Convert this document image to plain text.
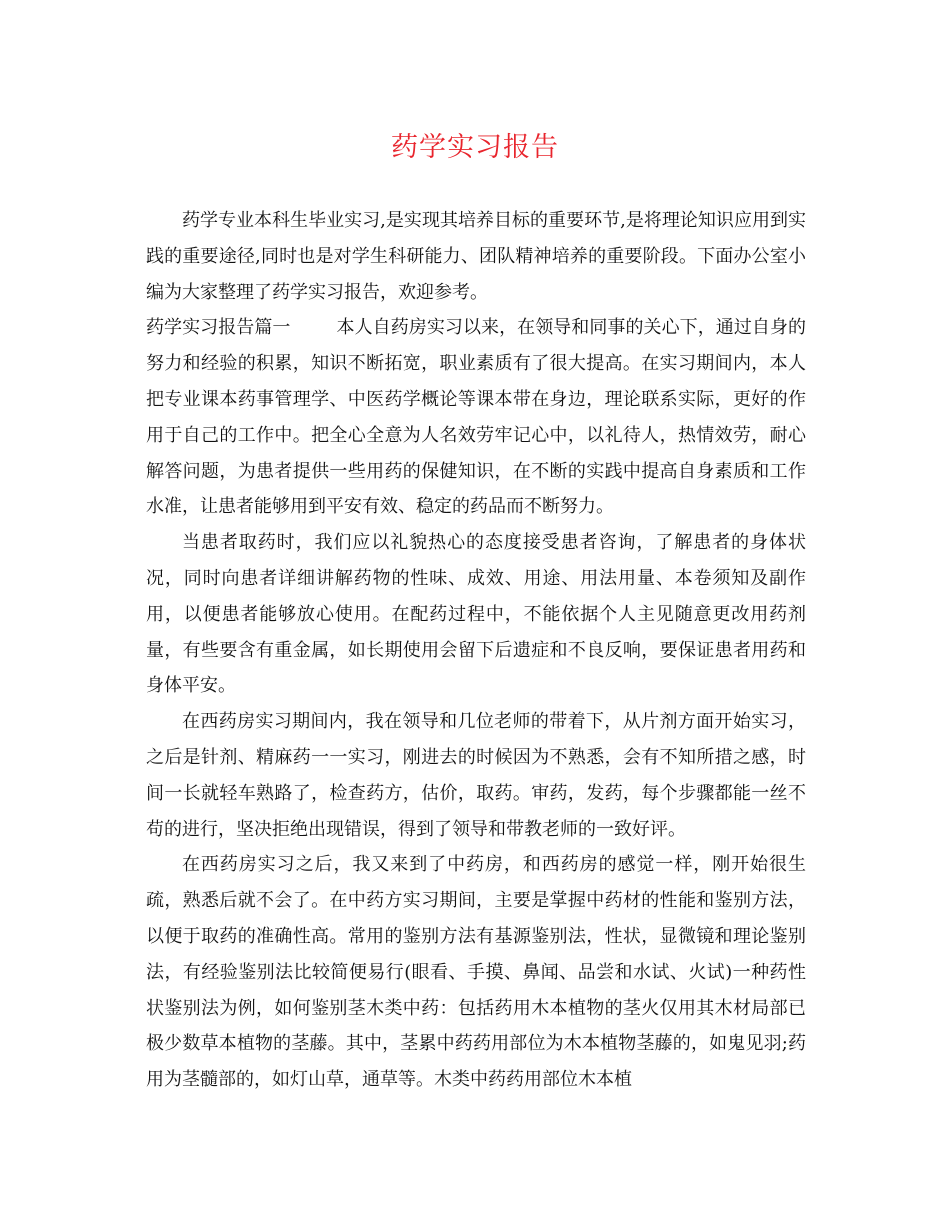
药学实习报告

药学专业本科生毕业实习,是实现其培养目标的重要环节,是将理论知识应用到实践的重要途径,同时也是对学生科研能力、团队精神培养的重要阶段。下面办公室小编为大家整理了药学实习报告，欢迎参考。

药学实习报告篇一	本人自药房实习以来，在领导和同事的关心下，通过自身的努力和经验的积累，知识不断拓宽，职业素质有了很大提高。在实习期间内，本人把专业课本药事管理学、中医药学概论等课本带在身边，理论联系实际，更好的作用于自己的工作中。把全心全意为人名效劳牢记心中，以礼待人，热情效劳，耐心解答问题，为患者提供一些用药的保健知识，在不断的实践中提高自身素质和工作水准，让患者能够用到平安有效、稳定的药品而不断努力。

当患者取药时，我们应以礼貌热心的态度接受患者咨询，了解患者的身体状况，同时向患者详细讲解药物的性味、成效、用途、用法用量、本卷须知及副作用，以便患者能够放心使用。在配药过程中，不能依据个人主见随意更改用药剂量，有些要含有重金属，如长期使用会留下后遗症和不良反响，要保证患者用药和身体平安。

在西药房实习期间内，我在领导和几位老师的带着下，从片剂方面开始实习，之后是针剂、精麻药一一实习，刚进去的时候因为不熟悉，会有不知所措之感，时间一长就轻车熟路了，检查药方，估价，取药。审药，发药，每个步骤都能一丝不苟的进行，坚决拒绝出现错误，得到了领导和带教老师的一致好评。

在西药房实习之后，我又来到了中药房，和西药房的感觉一样，刚开始很生疏，熟悉后就不会了。在中药方实习期间，主要是掌握中药材的性能和鉴别方法，以便于取药的准确性高。常用的鉴别方法有基源鉴别法，性状，显微镜和理论鉴别法，有经验鉴别法比较简便易行(眼看、手摸、鼻闻、品尝和水试、火试)一种药性状鉴别法为例，如何鉴别茎木类中药：包括药用木本植物的茎火仅用其木材局部已极少数草本植物的茎藤。其中，茎累中药药用部位为木本植物茎藤的，如鬼见羽;药用为茎髓部的，如灯山草，通草等。木类中药药用部位木本植
